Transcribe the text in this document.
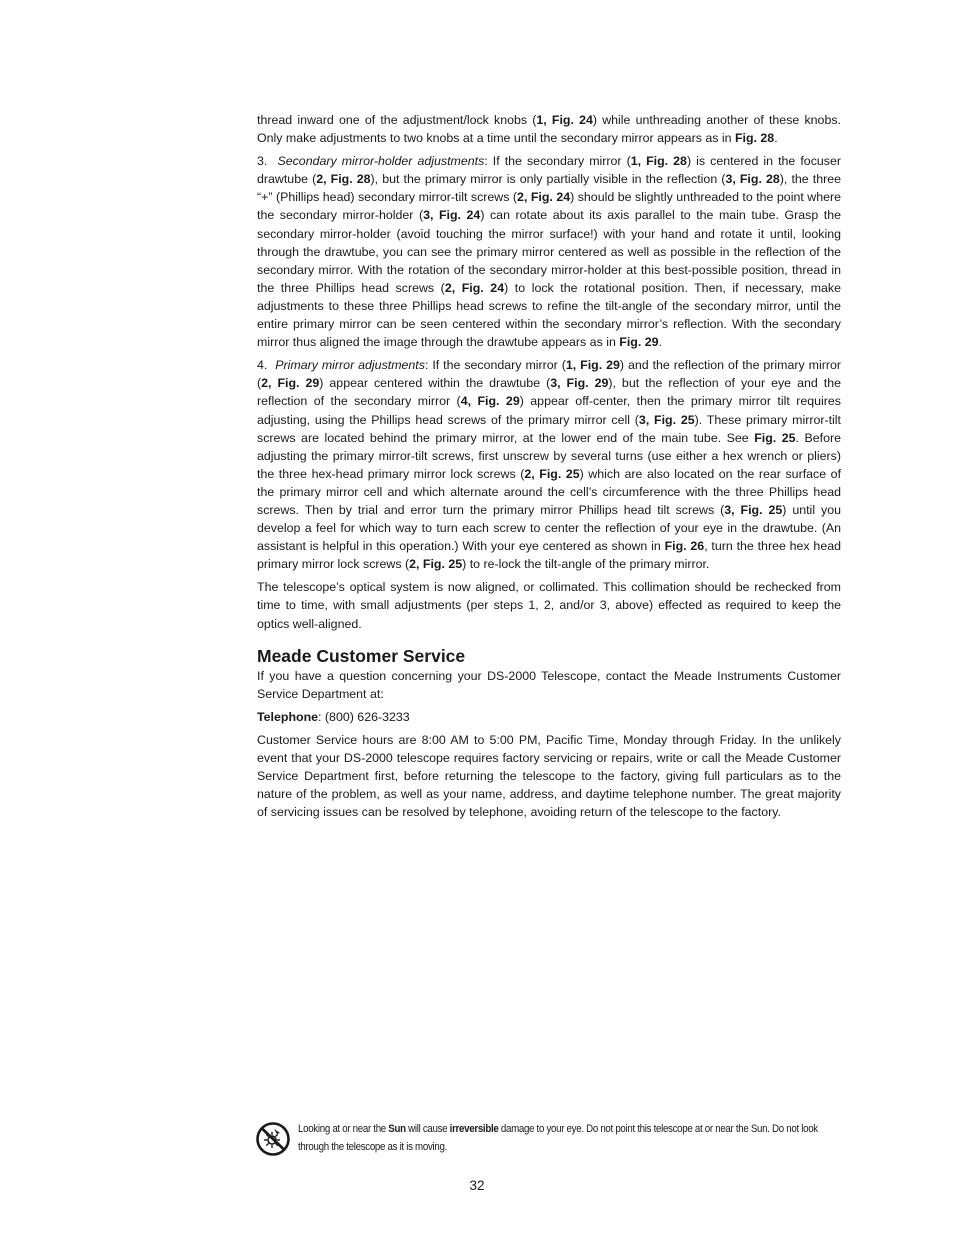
thread inward one of the adjustment/lock knobs (1, Fig. 24) while unthreading another of these knobs. Only make adjustments to two knobs at a time until the secondary mirror appears as in Fig. 28.

3. Secondary mirror-holder adjustments: If the secondary mirror (1, Fig. 28) is centered in the focuser drawtube (2, Fig. 28), but the primary mirror is only partially visible in the reflection (3, Fig. 28), the three “+” (Phillips head) secondary mirror-tilt screws (2, Fig. 24) should be slightly unthreaded to the point where the secondary mirror-holder (3, Fig. 24) can rotate about its axis parallel to the main tube. Grasp the secondary mirror-holder (avoid touching the mirror surface!) with your hand and rotate it until, looking through the drawtube, you can see the primary mirror centered as well as possible in the reflection of the secondary mirror. With the rotation of the secondary mirror-holder at this best-possible position, thread in the three Phillips head screws (2, Fig. 24) to lock the rotational position. Then, if necessary, make adjustments to these three Phillips head screws to refine the tilt-angle of the secondary mirror, until the entire primary mirror can be seen centered within the secondary mirror’s reflection. With the secondary mirror thus aligned the image through the drawtube appears as in Fig. 29.

4. Primary mirror adjustments: If the secondary mirror (1, Fig. 29) and the reflection of the primary mirror (2, Fig. 29) appear centered within the drawtube (3, Fig. 29), but the reflection of your eye and the reflection of the secondary mirror (4, Fig. 29) appear off-center, then the primary mirror tilt requires adjusting, using the Phillips head screws of the primary mirror cell (3, Fig. 25). These primary mirror-tilt screws are located behind the primary mirror, at the lower end of the main tube. See Fig. 25. Before adjusting the primary mirror-tilt screws, first unscrew by several turns (use either a hex wrench or pliers) the three hex-head primary mirror lock screws (2, Fig. 25) which are also located on the rear surface of the primary mirror cell and which alternate around the cell’s circumference with the three Phillips head screws. Then by trial and error turn the primary mirror Phillips head tilt screws (3, Fig. 25) until you develop a feel for which way to turn each screw to center the reflection of your eye in the drawtube. (An assistant is helpful in this operation.) With your eye centered as shown in Fig. 26, turn the three hex head primary mirror lock screws (2, Fig. 25) to re-lock the tilt-angle of the primary mirror.

The telescope’s optical system is now aligned, or collimated. This collimation should be rechecked from time to time, with small adjustments (per steps 1, 2, and/or 3, above) effected as required to keep the optics well-aligned.

Meade Customer Service

If you have a question concerning your DS-2000 Telescope, contact the Meade Instruments Customer Service Department at:

Telephone: (800) 626-3233

Customer Service hours are 8:00 AM to 5:00 PM, Pacific Time, Monday through Friday. In the unlikely event that your DS-2000 telescope requires factory servicing or repairs, write or call the Meade Customer Service Department first, before returning the telescope to the factory, giving full particulars as to the nature of the problem, as well as your name, address, and daytime telephone number. The great majority of servicing issues can be resolved by telephone, avoiding return of the telescope to the factory.

Looking at or near the Sun will cause irreversible damage to your eye. Do not point this telescope at or near the Sun. Do not look through the telescope as it is moving.
32
